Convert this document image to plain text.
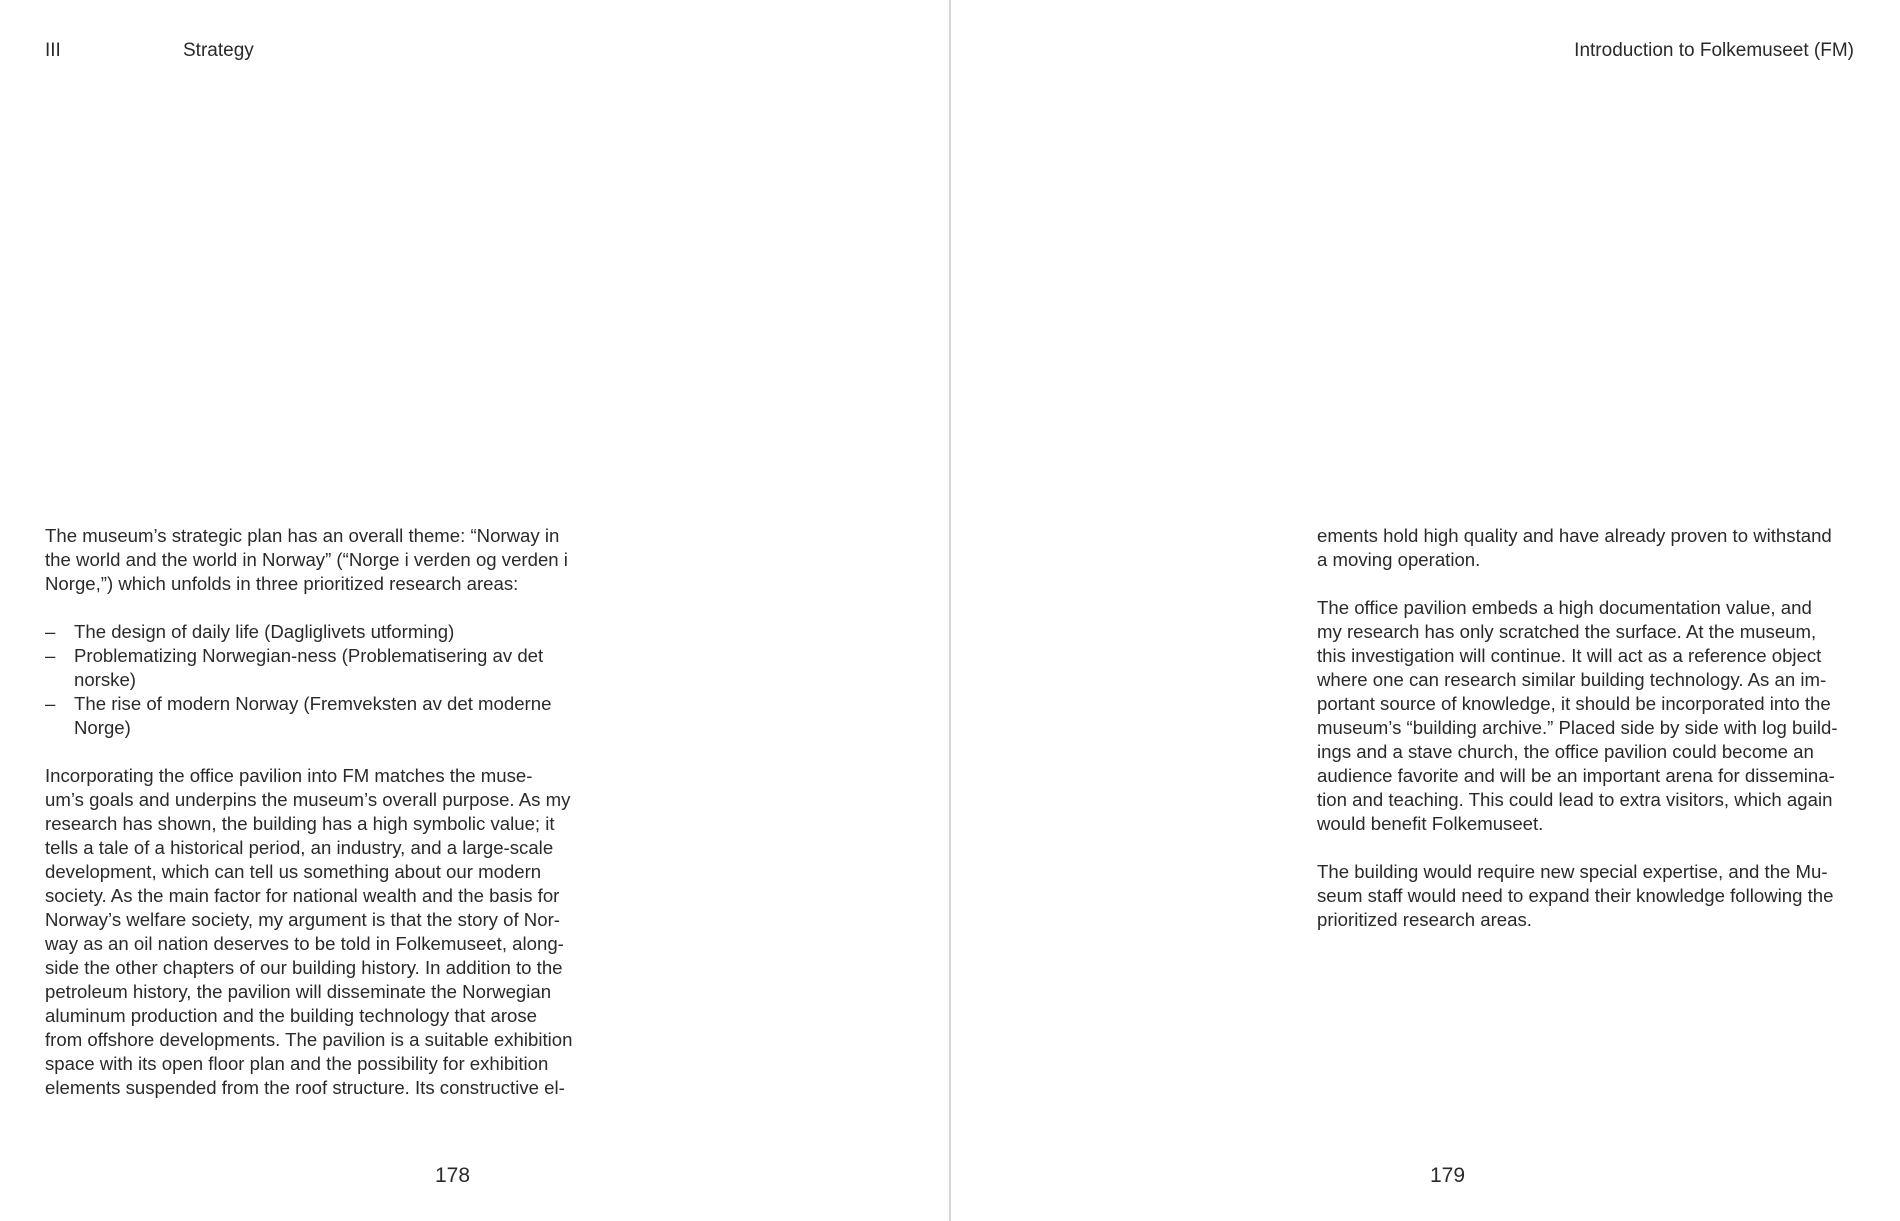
III	Strategy

The museum’s strategic plan has an overall theme: “Norway in
the world and the world in Norway” (“Norge i verden og verden i
Norge,”) which unfolds in three prioritized research areas:

– The design of daily life (Dagliglivets utforming)
– Problematizing Norwegian-ness (Problematisering av det
norske)
– The rise of modern Norway (Fremveksten av det moderne
Norge)

Incorporating the office pavilion into FM matches the muse-
um’s goals and underpins the museum’s overall purpose. As my
research has shown, the building has a high symbolic value; it
tells a tale of a historical period, an industry, and a large-scale
development, which can tell us something about our modern
society. As the main factor for national wealth and the basis for
Norway’s welfare society, my argument is that the story of Nor-
way as an oil nation deserves to be told in Folkemuseet, along-
side the other chapters of our building history. In addition to the
petroleum history, the pavilion will disseminate the Norwegian
aluminum production and the building technology that arose
from offshore developments. The pavilion is a suitable exhibition
space with its open floor plan and the possibility for exhibition
elements suspended from the roof structure. Its constructive el-

178
Introduction to Folkemuseet (FM)

ements hold high quality and have already proven to withstand
a moving operation.

The office pavilion embeds a high documentation value, and
my research has only scratched the surface. At the museum,
this investigation will continue. It will act as a reference object
where one can research similar building technology. As an im-
portant source of knowledge, it should be incorporated into the
museum’s “building archive.” Placed side by side with log build-
ings and a stave church, the office pavilion could become an
audience favorite and will be an important arena for dissemina-
tion and teaching. This could lead to extra visitors, which again
would benefit Folkemuseet.

The building would require new special expertise, and the Mu-
seum staff would need to expand their knowledge following the
prioritized research areas.

179
